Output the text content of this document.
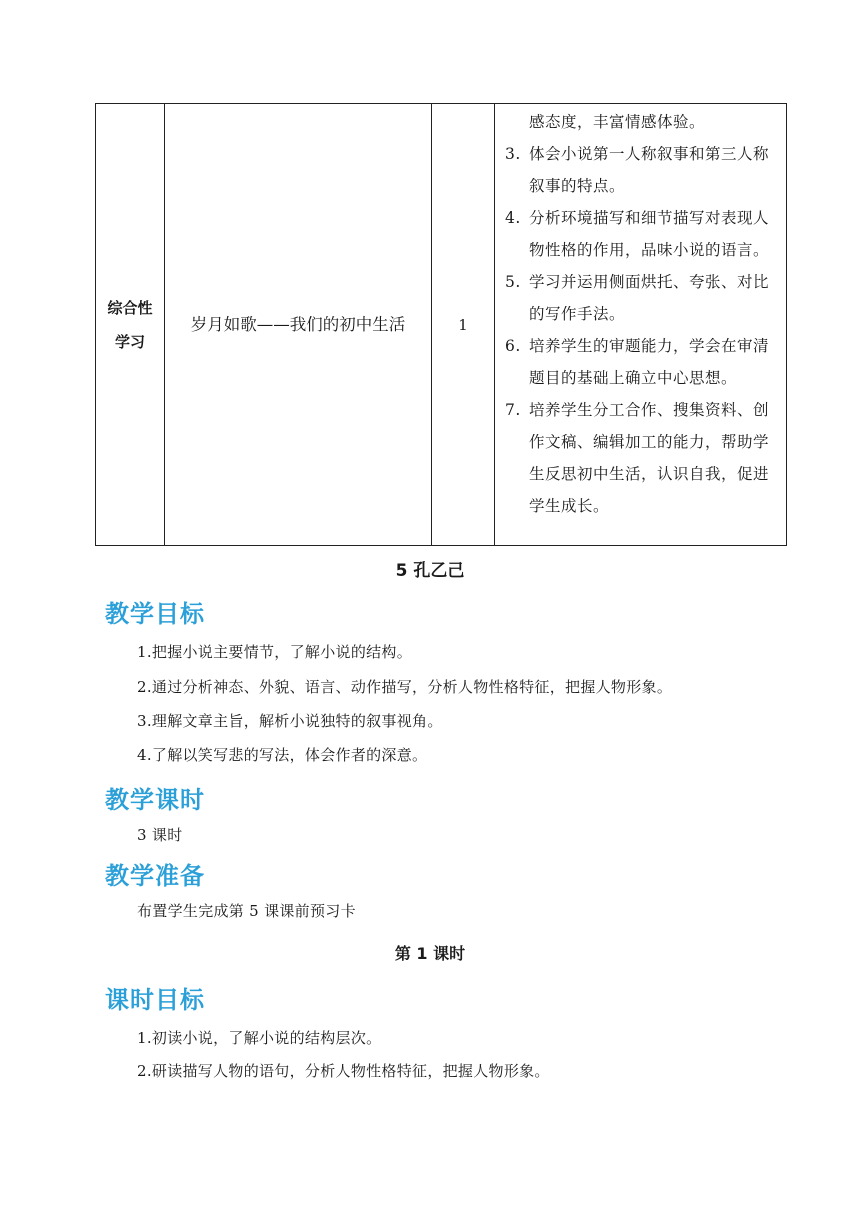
综合性
学习
	岁月如歌——我们的初中生活	1	
感态度，丰富情感体验。
3. 体会小说第一人称叙事和第三人称叙事的特点。
4. 分析环境描写和细节描写对表现人物性格的作用，品味小说的语言。
5. 学习并运用侧面烘托、夸张、对比的写作手法。
6. 培养学生的审题能力，学会在审清题目的基础上确立中心思想。
7. 培养学生分工合作、搜集资料、创作文稿、编辑加工的能力，帮助学生反思初中生活，认识自我，促进学生成长。
5 孔乙己
教学目标
1.把握小说主要情节，了解小说的结构。
2.通过分析神态、外貌、语言、动作描写，分析人物性格特征，把握人物形象。
3.理解文章主旨，解析小说独特的叙事视角。
4.了解以笑写悲的写法，体会作者的深意。
教学课时
3 课时
教学准备
布置学生完成第 5 课课前预习卡
第 1 课时
课时目标
1.初读小说，了解小说的结构层次。
2.研读描写人物的语句，分析人物性格特征，把握人物形象。
